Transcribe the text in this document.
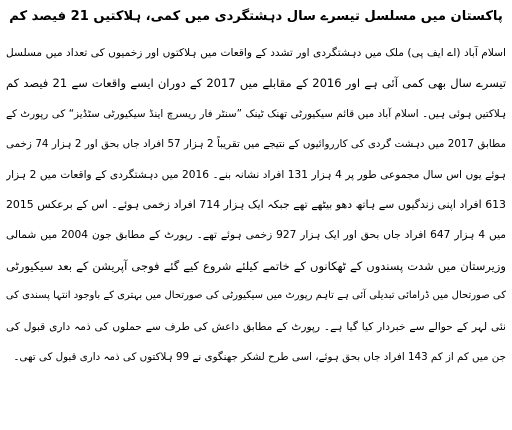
پاکستان میں مسلسل تیسرے سال دہشتگردی میں کمی، ہلاکتیں 21 فیصد کم
اسلام آباد (اے ایف پی) ملک میں دہشتگردی اور تشدد کے واقعات میں ہلاکتوں اور زخمیوں کی تعداد میں مسلسل
تیسرے سال بھی کمی آئی ہے اور 2016 کے مقابلے میں 2017 کے دوران ایسے واقعات سے 21 فیصد کم
ہلاکتیں ہوئی ہیں۔ اسلام آباد میں قائم سیکیورٹی تھنک ٹینک ”سنٹر فار ریسرچ اینڈ سیکیورٹی سٹڈیز“ کی رپورٹ کے
مطابق 2017 میں دہشت گردی کی کارروائیوں کے نتیجے میں تقریباً 2 ہزار 57 افراد جاں بحق اور 2 ہزار 74 زخمی
ہوئے یوں اس سال مجموعی طور پر 4 ہزار 131 افراد نشانہ بنے۔ 2016 میں دہشتگردی کے واقعات میں 2 ہزار
613 افراد اپنی زندگیوں سے ہاتھ دھو بیٹھے تھے جبکہ ایک ہزار 714 افراد زخمی ہوئے۔ اس کے برعکس 2015
میں 4 ہزار 647 افراد جاں بحق اور ایک ہزار 927 زخمی ہوئے تھے۔ رپورٹ کے مطابق جون 2004 میں شمالی
وزیرستان میں شدت پسندوں کے ٹھکانوں کے خاتمے کیلئے شروع کیے گئے فوجی آپریشن کے بعد سیکیورٹی
کی صورتحال میں ڈرامائی تبدیلی آئی ہے تاہم رپورٹ میں سیکیورٹی کی صورتحال میں بہتری کے باوجود انتہا پسندی کی
نئی لہر کے حوالے سے خبردار کیا گیا ہے۔ رپورٹ کے مطابق داعش کی طرف سے حملوں کی ذمہ داری قبول کی
جن میں کم از کم 143 افراد جاں بحق ہوئے، اسی طرح لشکر جھنگوی نے 99 ہلاکتوں کی ذمہ داری قبول کی تھی۔
